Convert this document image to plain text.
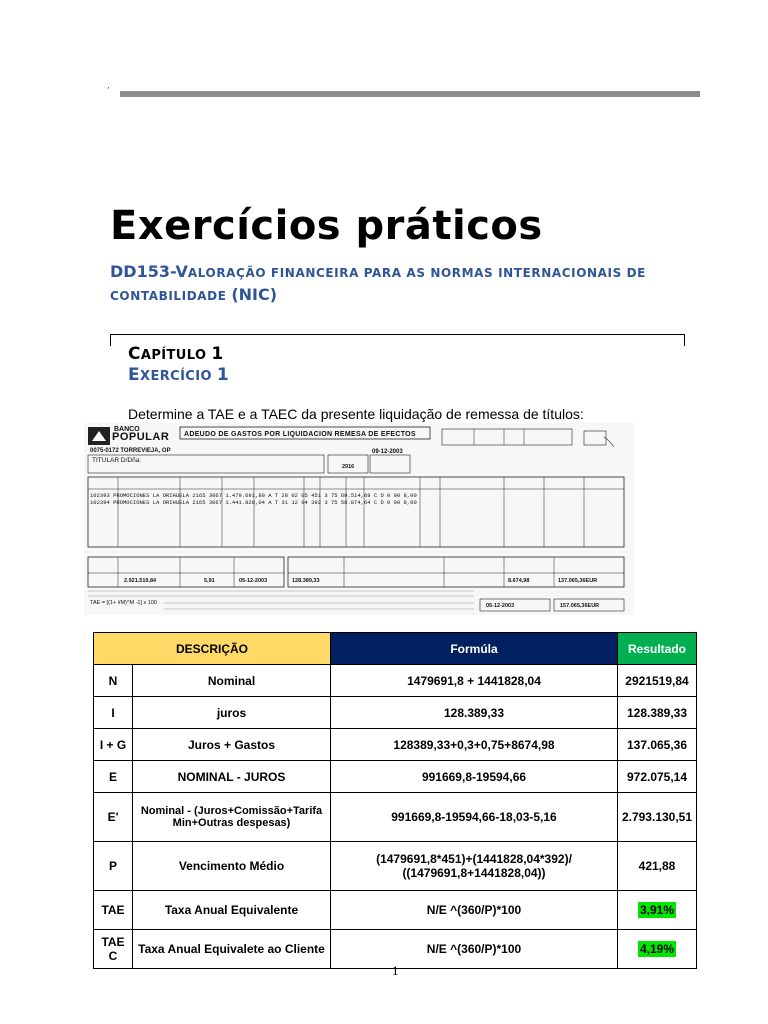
’
Exercícios práticos
DD153-VALORAÇÃO FINANCEIRA PARA AS NORMAS INTERNACIONAIS DE CONTABILIDADE (NIC)
CAPÍTULO 1
EXERCÍCIO 1
Determine a TAE e a TAEC da presente liquidação de remessa de títulos:
BANCO
POPULAR
0075-0172 TORREVIEJA, OP
ADEUDO DE GASTOS POR LIQUIDACION REMESA DE EFECTOS
TITULAR D/Dña:
09-12-2003
2916
102393 PROMOCIONES LA ORIHUELA 2165 3067 1.479.691,80 A T 28 02 05 451 3 75 69.514,69 C D 0 00 8,00
102394 PROMOCIONES LA ORIHUELA 2165 3067 1.441.828,04 A T 31 12 04 392 3 75 58.874,64 C D 0 00 8,00
2.921.519,84	5,91	05-12-2003	128.389,33	8.674,98	137.065,36EUR
05-12-2003	157.065,36EUR
TAE = [(1+ i/M)^M -1] x 100
DESCRIÇÃO		Formúla	Resultado
N	Nominal	1479691,8 + 1441828,04	2921519,84
I	juros	128.389,33	128.389,33
I + G	Juros + Gastos	128389,33+0,3+0,75+8674,98	137.065,36
E	NOMINAL - JUROS	991669,8-19594,66	972.075,14
E'	Nominal - (Juros+Comissão+Tarifa Min+Outras despesas)	991669,8-19594,66-18,03-5,16	2.793.130,51
P	Vencimento Médio	(1479691,8*451)+(1441828,04*392)/ ((1479691,8+1441828,04))	421,88
TAE	Taxa Anual Equivalente	N/E ^(360/P)*100	3,91%
TAEC	Taxa Anual Equivalete ao Cliente	N/E ^(360/P)*100	4,19%
1
